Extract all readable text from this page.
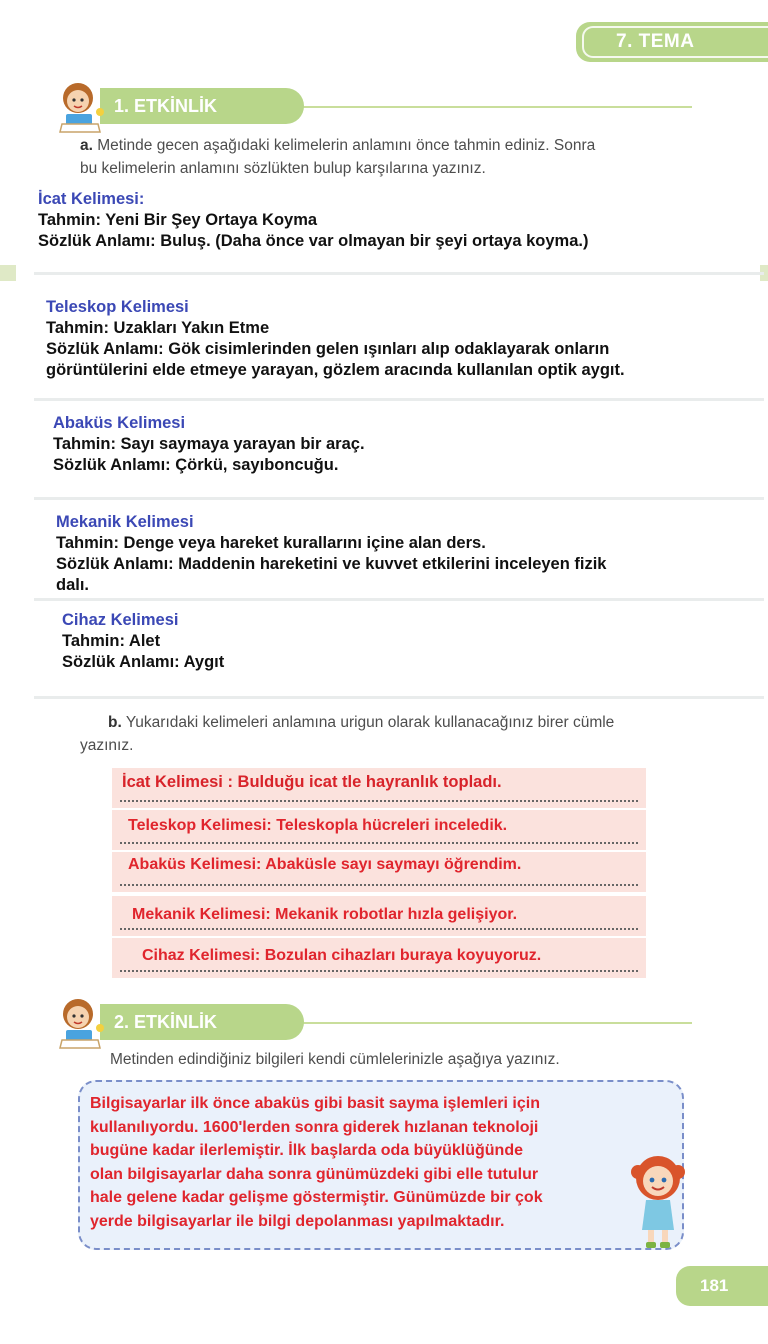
7. TEMA
1. ETKİNLİK
a. Metinde gecen aşağıdaki kelimelerin anlamını önce tahmin ediniz. Sonra
bu kelimelerin anlamını sözlükten bulup karşılarına yazınız.
İcat Kelimesi:
Tahmin: Yeni Bir Şey Ortaya Koyma
Sözlük Anlamı: Buluş. (Daha önce var olmayan bir şeyi ortaya koyma.)
Teleskop Kelimesi
Tahmin: Uzakları Yakın Etme
Sözlük Anlamı: Gök cisimlerinden gelen ışınları alıp odaklayarak onların
görüntülerini elde etmeye yarayan, gözlem aracında kullanılan optik aygıt.
Abaküs Kelimesi
Tahmin: Sayı saymaya yarayan bir araç.
Sözlük Anlamı: Çörkü, sayıboncuğu.
Mekanik Kelimesi
Tahmin: Denge veya hareket kurallarını içine alan ders.
Sözlük Anlamı: Maddenin hareketini ve kuvvet etkilerini inceleyen fizik
dalı.
Cihaz Kelimesi
Tahmin: Alet
Sözlük Anlamı: Aygıt
b. Yukarıdaki kelimeleri anlamına urigun olarak kullanacağınız birer cümle
yazınız.
İcat Kelimesi : Bulduğu icat tle hayranlık topladı.
Teleskop Kelimesi: Teleskopla hücreleri inceledik.
Abaküs Kelimesi: Abaküsle sayı saymayı öğrendim.
Mekanik Kelimesi: Mekanik robotlar hızla gelişiyor.
Cihaz Kelimesi: Bozulan cihazları buraya koyuyoruz.
2. ETKİNLİK
Metinden edindiğiniz bilgileri kendi cümlelerinizle aşağıya yazınız.
Bilgisayarlar ilk önce abaküs gibi basit sayma işlemleri için
kullanılıyordu. 1600'lerden sonra giderek hızlanan teknoloji
bugüne kadar ilerlemiştir. İlk başlarda oda büyüklüğünde
olan bilgisayarlar daha sonra günümüzdeki gibi elle tutulur
hale gelene kadar gelişme göstermiştir. Günümüzde bir çok
yerde bilgisayarlar ile bilgi depolanması yapılmaktadır.
181
